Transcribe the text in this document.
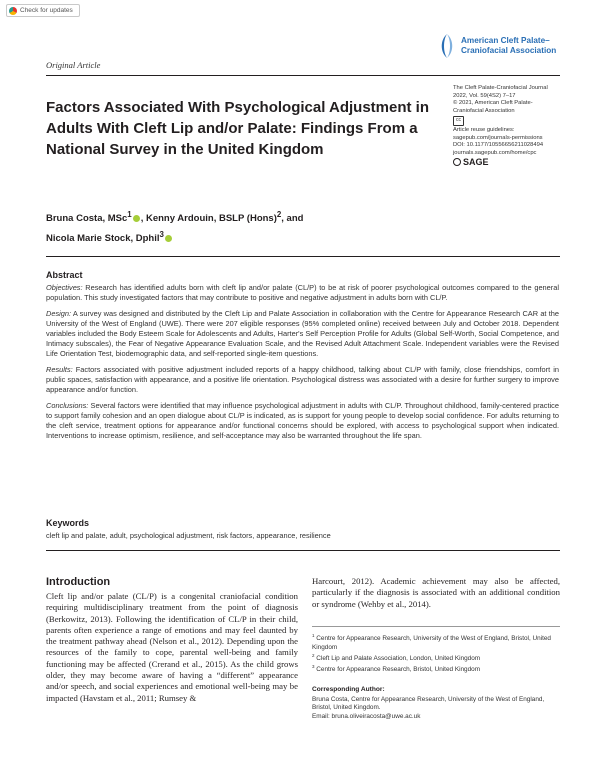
Check for updates
Original Article
American Cleft Palate–
Craniofacial Association
The Cleft Palate-Craniofacial Journal
2022, Vol. 59(4S2) 7–17
© 2021, American Cleft Palate-
Craniofacial Association
cc
Article reuse guidelines:
sagepub.com/journals-permissions
DOI: 10.1177/10556656211028494
journals.sagepub.com/home/cpc
SAGE
Factors Associated With Psychological Adjustment in Adults With Cleft Lip and/or Palate: Findings From a National Survey in the United Kingdom
Bruna Costa, MSc$^1$ , Kenny Ardouin, BSLP (Hons)$^2$, and
Nicola Marie Stock, Dphil$^3$
Abstract

Objectives: Research has identified adults born with cleft lip and/or palate (CL/P) to be at risk of poorer psychological outcomes compared to the general population. This study investigated factors that may contribute to positive and negative adjustment in adults born with CL/P.

Design: A survey was designed and distributed by the Cleft Lip and Palate Association in collaboration with the Centre for Appearance Research CAR at the University of the West of England (UWE). There were 207 eligible responses (95% completed online) received between July and October 2018. Dependent variables included the Body Esteem Scale for Adolescents and Adults, Harter's Self Perception Profile for Adults (Global Self-Worth, Social Competence, and Intimacy subscales), the Fear of Negative Appearance Evaluation Scale, and the Revised Adult Attachment Scale. Independent variables were the Revised Life Orientation Test, biodemographic data, and self-reported single-item questions.

Results: Factors associated with positive adjustment included reports of a happy childhood, talking about CL/P with family, close friendships, comfort in public spaces, satisfaction with appearance, and a positive life orientation. Psychological distress was associated with a desire for further surgery to improve appearance and/or function.

Conclusions: Several factors were identified that may influence psychological adjustment in adults with CL/P. Throughout childhood, family-centered practice to support family cohesion and an open dialogue about CL/P is indicated, as is support for young people to develop social confidence. For adults returning to the cleft service, treatment options for appearance and/or functional concerns should be explored, with access to psychological support when indicated. Interventions to increase optimism, resilience, and self-acceptance may also be warranted throughout the life span.

Keywords
cleft lip and palate, adult, psychological adjustment, risk factors, appearance, resilience
Introduction
Cleft lip and/or palate (CL/P) is a congenital craniofacial condition requiring multidisciplinary treatment from the point of diagnosis (Berkowitz, 2013). Following the identification of CL/P in their child, parents often experience a range of emotions and may feel daunted by the treatment pathway ahead (Nelson et al., 2012). Depending upon the resources of the family to cope, parental well-being and family functioning may be affected (Crerand et al., 2015). As the child grows older, they may become aware of having a “different” appearance and/or speech, and social experiences and emotional well-being may be impacted (Havstam et al., 2011; Rumsey &
Harcourt, 2012). Academic achievement may also be affected, particularly if the diagnosis is associated with an additional condition or syndrome (Wehby et al., 2014).
$^1$ Centre for Appearance Research, University of the West of England, Bristol, United Kingdom
$^2$ Cleft Lip and Palate Association, London, United Kingdom
$^3$ Centre for Appearance Research, Bristol, United Kingdom
Corresponding Author:
Bruna Costa, Centre for Appearance Research, University of the West of England, Bristol, United Kingdom.
Email: bruna.oliveiracosta@uwe.ac.uk
